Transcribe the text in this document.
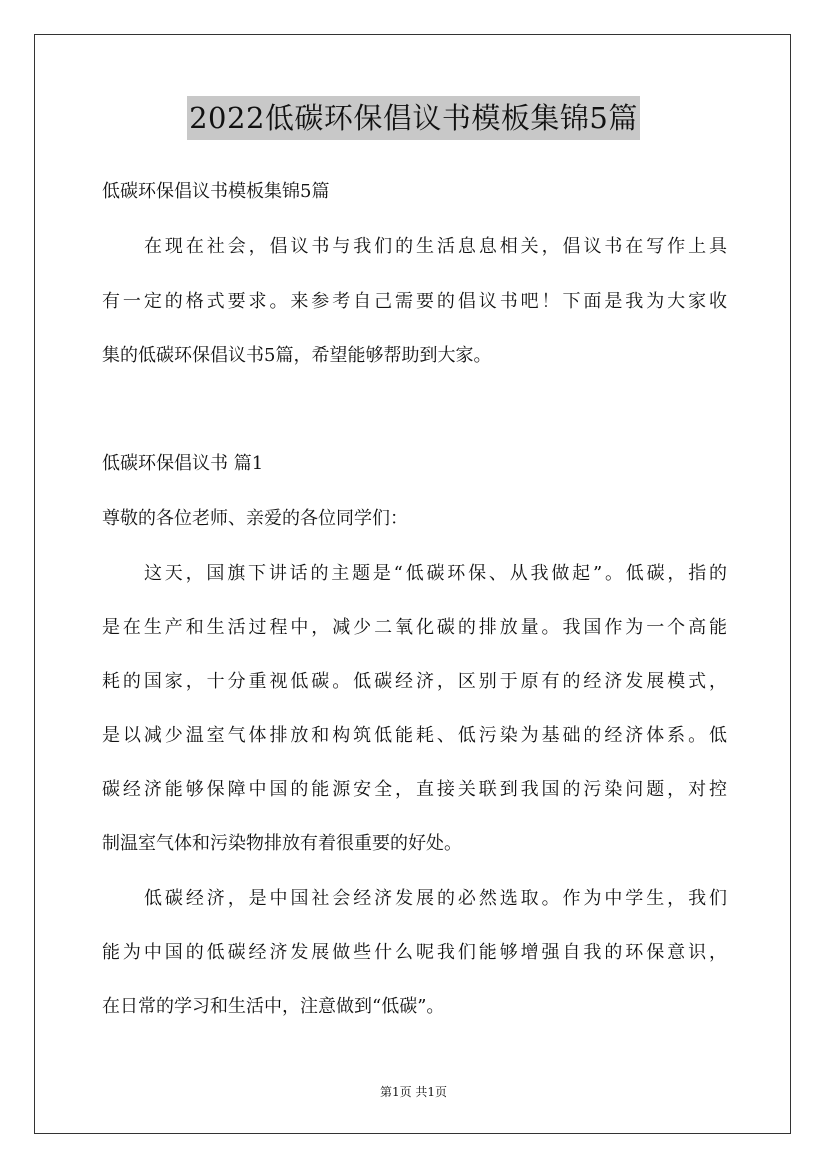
2022低碳环保倡议书模板集锦5篇
低碳环保倡议书模板集锦5篇
在现在社会，倡议书与我们的生活息息相关，倡议书在写作上具
有一定的格式要求。来参考自己需要的倡议书吧！下面是我为大家收
集的低碳环保倡议书5篇，希望能够帮助到大家。
低碳环保倡议书 篇1
尊敬的各位老师、亲爱的各位同学们：
这天，国旗下讲话的主题是“低碳环保、从我做起”。低碳，指的
是在生产和生活过程中，减少二氧化碳的排放量。我国作为一个高能
耗的国家，十分重视低碳。低碳经济，区别于原有的经济发展模式，
是以减少温室气体排放和构筑低能耗、低污染为基础的经济体系。低
碳经济能够保障中国的能源安全，直接关联到我国的污染问题，对控
制温室气体和污染物排放有着很重要的好处。
低碳经济，是中国社会经济发展的必然选取。作为中学生，我们
能为中国的低碳经济发展做些什么呢我们能够增强自我的环保意识，
在日常的学习和生活中，注意做到“低碳”。
第1页 共1页
